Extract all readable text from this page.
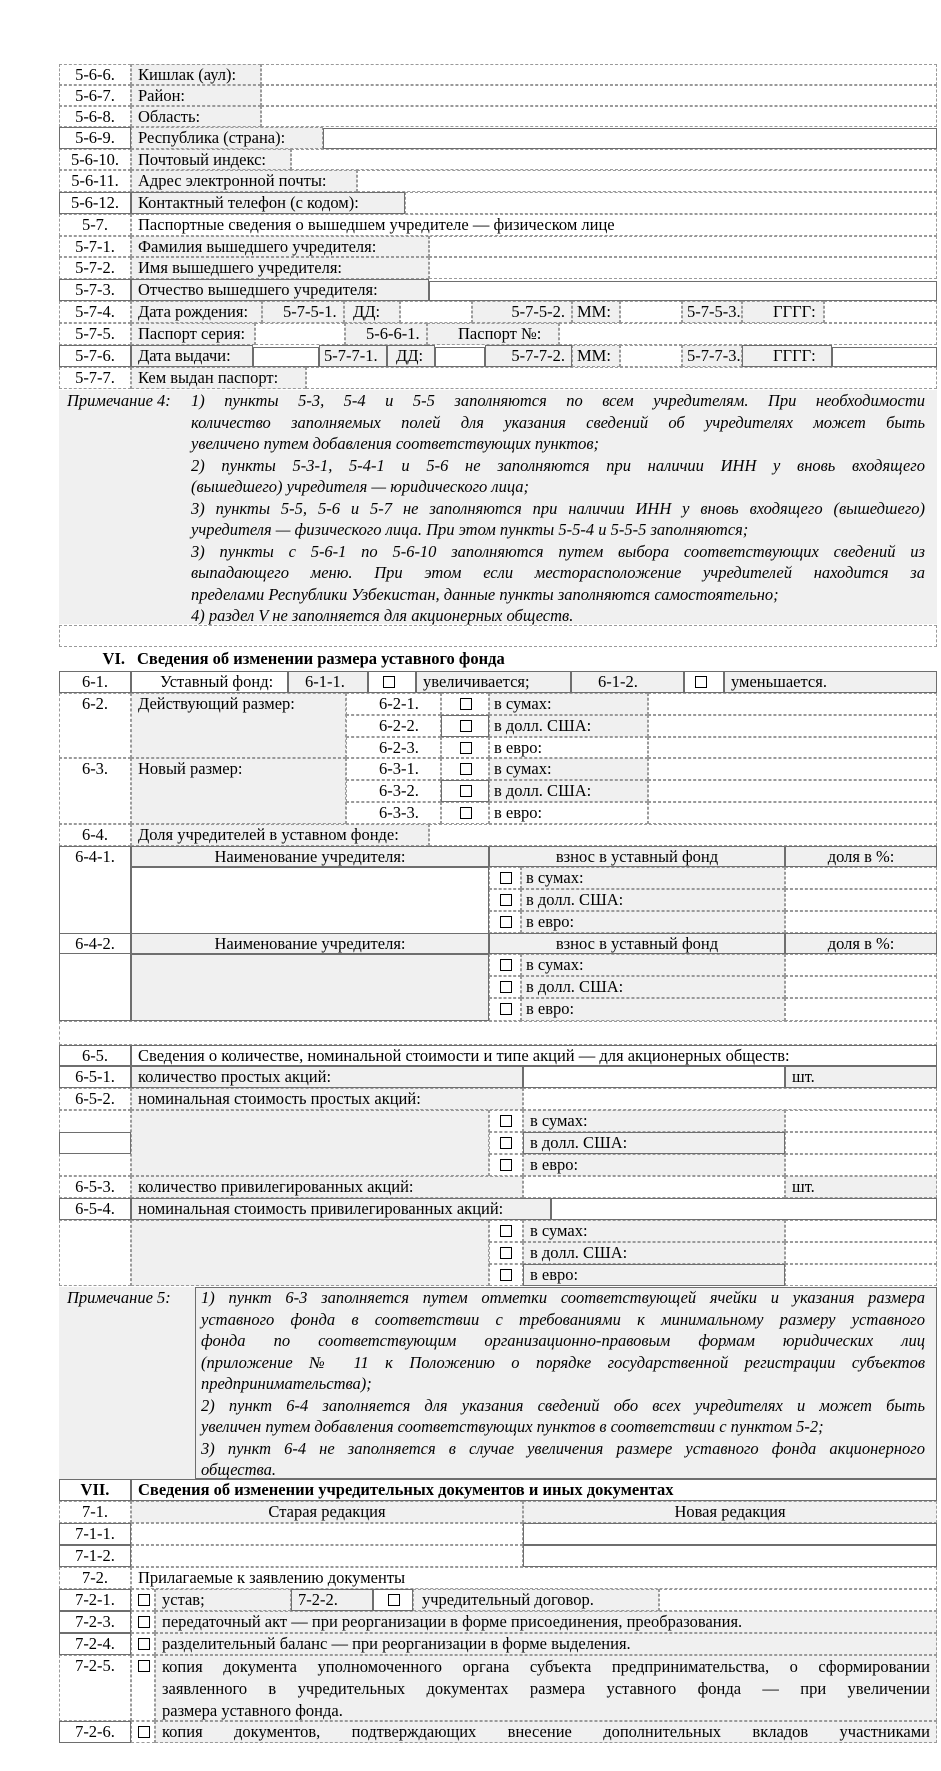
5-6-6.	Кишлак (аул):
5-6-7.	Район:
5-6-8.	Область:
5-6-9.	Республика (страна):
5-6-10.	Почтовый индекс:
5-6-11.	Адрес электронной почты:
5-6-12.	Контактный телефон (с кодом):
5-7.	Паспортные сведения о вышедшем учредителе — физическом лице
5-7-1.	Фамилия вышедшего учредителя:
5-7-2.	Имя вышедшего учредителя:
5-7-3.	Отчество вышедшего учредителя:
5-7-4.	Дата рождения:	5-7-5-1. ДД:	5-7-5-2. ММ:	5-7-5-3.	ГГГГ:
5-7-5.	Паспорт серия:	5-6-6-1.	Паспорт №:
5-7-6.	Дата выдачи:	5-7-7-1.	ДД:	5-7-7-2. ММ:	5-7-7-3.	ГГГГ:
5-7-7.	Кем выдан паспорт:
Примечание 4: 1) пункты 5-3, 5-4 и 5-5 заполняются по всем учредителям. При необходимости
количество заполняемых полей для указания сведений об учредителях может быть
увеличено путем добавления соответствующих пунктов;
2) пункты 5-3-1, 5-4-1 и 5-6 не заполняются при наличии ИНН у вновь входящего
(вышедшего) учредителя — юридического лица;
3) пункты 5-5, 5-6 и 5-7 не заполняются при наличии ИНН у вновь входящего (вышедшего)
учредителя — физического лица. При этом пункты 5-5-4 и 5-5-5 заполняются;
3) пункты с 5-6-1 по 5-6-10 заполняются путем выбора соответствующих сведений из
выпадающего меню. При этом если месторасположение учредителей находится за
пределами Республики Узбекистан, данные пункты заполняются самостоятельно;
4) раздел V не заполняется для акционерных обществ.
VI. Сведения об изменении размера уставного фонда
6-1.	Уставный фонд:	6-1-1.	увеличивается;	6-1-2.	уменьшается.
6-2.	Действующий размер:	6-2-1.	в сумах:
6-2-2.	в долл. США:
6-2-3.	в евро:
6-3.	Новый размер:	6-3-1.	в сумах:
6-3-2.	в долл. США:
6-3-3.	в евро:
6-4.	Доля учредителей в уставном фонде:
6-4-1.	Наименование учредителя:	взнос в уставный фонд	доля в %:
в сумах:
в долл. США:
в евро:
6-4-2.	Наименование учредителя:	взнос в уставный фонд	доля в %:
в сумах:
в долл. США:
в евро:
6-5.	Сведения о количестве, номинальной стоимости и типе акций — для акционерных обществ:
6-5-1.	количество простых акций:	шт.
6-5-2.	номинальная стоимость простых акций:
в сумах:
в долл. США:
в евро:
6-5-3.	количество привилегированных акций:	шт.
6-5-4.	номинальная стоимость привилегированных акций:
в сумах:
в долл. США:
в евро:
Примечание 5: 1) пункт 6-3 заполняется путем отметки соответствующей ячейки и указания размера
уставного фонда в соответствии с требованиями к минимальному размеру уставного
фонда по соответствующим организационно-правовым формам юридических лиц
(приложение № 11 к Положению о порядке государственной регистрации субъектов
предпринимательства);
2) пункт 6-4 заполняется для указания сведений обо всех учредителях и может быть
увеличен путем добавления соответствующих пунктов в соответствии с пунктом 5-2;
3) пункт 6-4 не заполняется в случае увеличения размере уставного фонда акционерного
общества.
VII.	Сведения об изменении учредительных документов и иных документах
7-1.	Старая редакция	Новая редакция
7-1-1.
7-1-2.
7-2.	Прилагаемые к заявлению документы
7-2-1.	устав;	7-2-2.	учредительный договор.
7-2-3.	передаточный акт — при реорганизации в форме присоединения, преобразования.
7-2-4.	разделительный баланс — при реорганизации в форме выделения.
7-2-5.	копия документа уполномоченного органа субъекта предпринимательства, о сформировании
заявленного в учредительных документах размера уставного фонда — при увеличении
размера уставного фонда.
7-2-6.	копия документов, подтверждающих внесение дополнительных вкладов участниками
